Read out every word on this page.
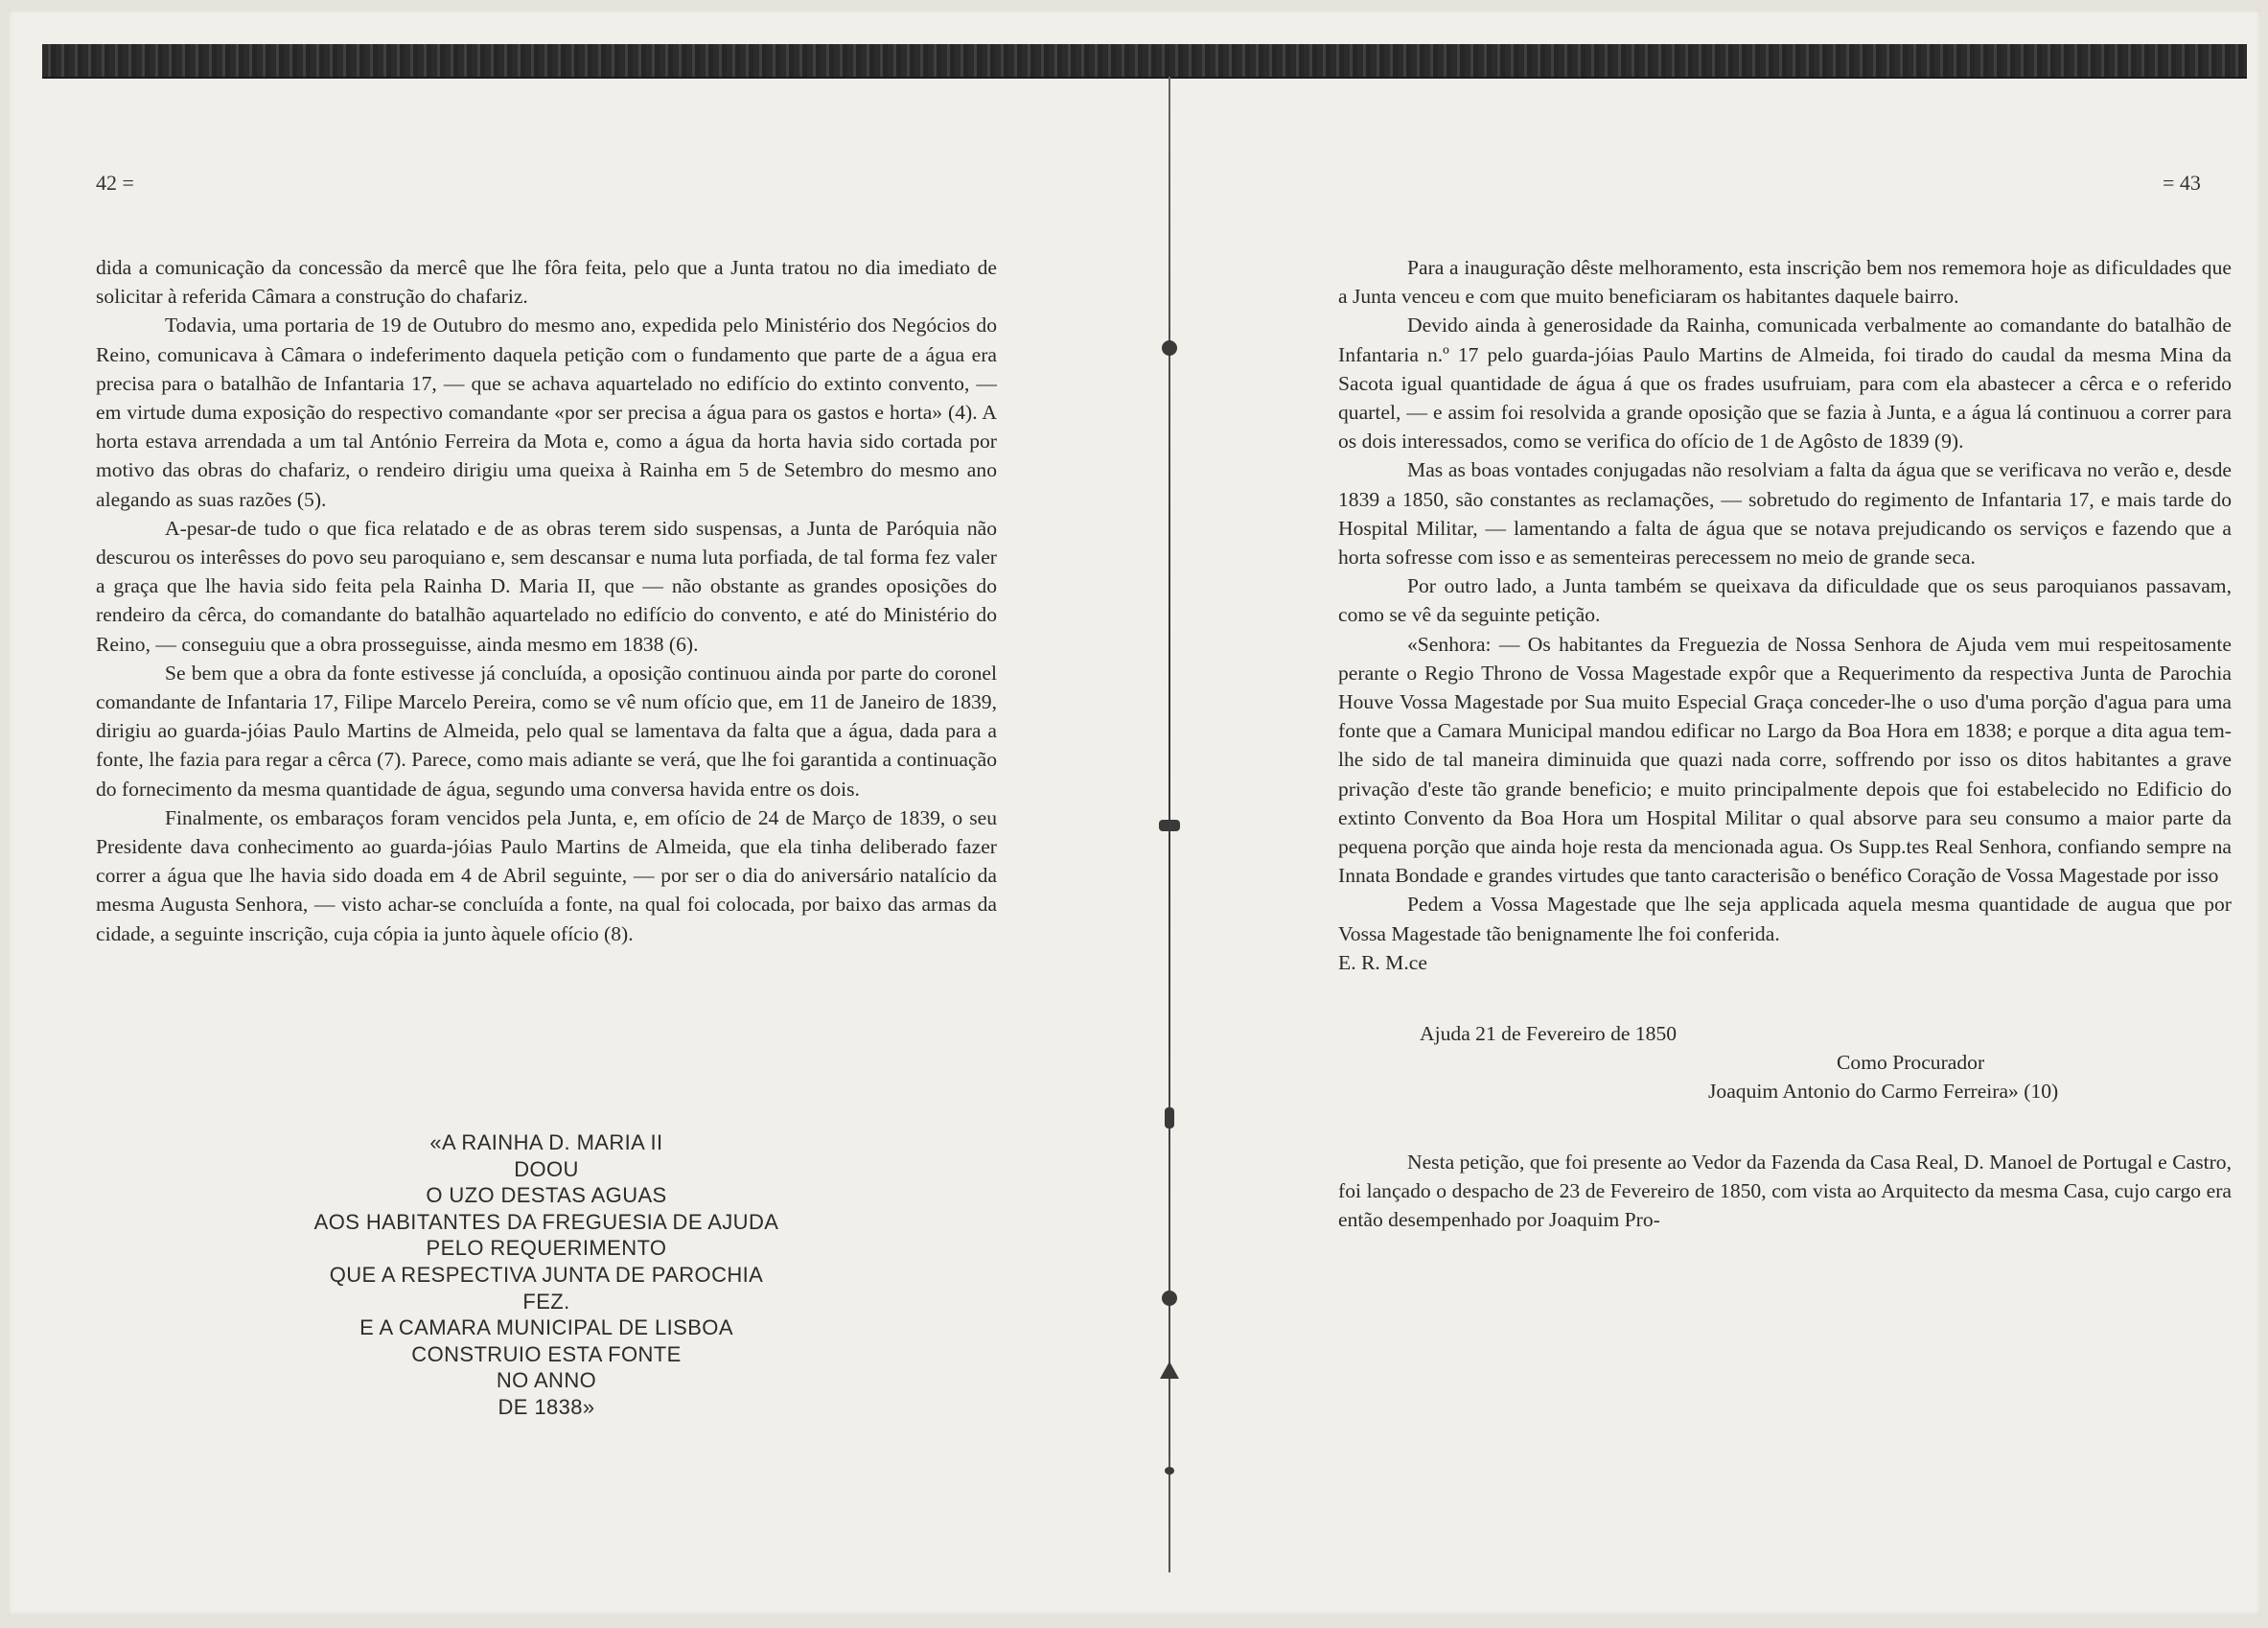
42 =	= 43

dida a comunicação da concessão da mercê que lhe fôra feita, pelo que a Junta tratou no dia imediato de solicitar à referida Câmara a construção do chafariz.

Todavia, uma portaria de 19 de Outubro do mesmo ano, expedida pelo Ministério dos Negócios do Reino, comunicava à Câmara o indeferimento daquela petição com o fundamento que parte de a água era precisa para o batalhão de Infantaria 17, — que se achava aquartelado no edifício do extinto convento, — em virtude duma exposição do respectivo comandante «por ser precisa a água para os gastos e horta» (4). A horta estava arrendada a um tal António Ferreira da Mota e, como a água da horta havia sido cortada por motivo das obras do chafariz, o rendeiro dirigiu uma queixa à Rainha em 5 de Setembro do mesmo ano alegando as suas razões (5).

A-pesar-de tudo o que fica relatado e de as obras terem sido suspensas, a Junta de Paróquia não descurou os interêsses do povo seu paroquiano e, sem descansar e numa luta porfiada, de tal forma fez valer a graça que lhe havia sido feita pela Rainha D. Maria II, que — não obstante as grandes oposições do rendeiro da cêrca, do comandante do batalhão aquartelado no edifício do convento, e até do Ministério do Reino, — conseguiu que a obra prosseguisse, ainda mesmo em 1838 (6).

Se bem que a obra da fonte estivesse já concluída, a oposição continuou ainda por parte do coronel comandante de Infantaria 17, Filipe Marcelo Pereira, como se vê num ofício que, em 11 de Janeiro de 1839, dirigiu ao guarda-jóias Paulo Martins de Almeida, pelo qual se lamentava da falta que a água, dada para a fonte, lhe fazia para regar a cêrca (7). Parece, como mais adiante se verá, que lhe foi garantida a continuação do fornecimento da mesma quantidade de água, segundo uma conversa havida entre os dois.

Finalmente, os embaraços foram vencidos pela Junta, e, em ofício de 24 de Março de 1839, o seu Presidente dava conhecimento ao guarda-jóias Paulo Martins de Almeida, que ela tinha deliberado fazer correr a água que lhe havia sido doada em 4 de Abril seguinte, — por ser o dia do aniversário natalício da mesma Augusta Senhora, — visto achar-se concluída a fonte, na qual foi colocada, por baixo das armas da cidade, a seguinte inscrição, cuja cópia ia junto àquele ofício (8).

«A RAINHA D. MARIA II
DOOU
O UZO DESTAS AGUAS
AOS HABITANTES DA FREGUESIA DE AJUDA
PELO REQUERIMENTO
QUE A RESPECTIVA JUNTA DE PAROCHIA
FEZ.
E A CAMARA MUNICIPAL DE LISBOA
CONSTRUIO ESTA FONTE
NO ANNO
DE 1838»

Para a inauguração dêste melhoramento, esta inscrição bem nos rememora hoje as dificuldades que a Junta venceu e com que muito beneficiaram os habitantes daquele bairro.

Devido ainda à generosidade da Rainha, comunicada verbalmente ao comandante do batalhão de Infantaria n.º 17 pelo guarda-jóias Paulo Martins de Almeida, foi tirado do caudal da mesma Mina da Sacota igual quantidade de água á que os frades usufruiam, para com ela abastecer a cêrca e o referido quartel, — e assim foi resolvida a grande oposição que se fazia à Junta, e a água lá continuou a correr para os dois interessados, como se verifica do ofício de 1 de Agôsto de 1839 (9).

Mas as boas vontades conjugadas não resolviam a falta da água que se verificava no verão e, desde 1839 a 1850, são constantes as reclamações, — sobretudo do regimento de Infantaria 17, e mais tarde do Hospital Militar, — lamentando a falta de água que se notava prejudicando os serviços e fazendo que a horta sofresse com isso e as sementeiras perecessem no meio de grande seca.

Por outro lado, a Junta também se queixava da dificuldade que os seus paroquianos passavam, como se vê da seguinte petição.

«Senhora: — Os habitantes da Freguezia de Nossa Senhora de Ajuda vem mui respeitosamente perante o Regio Throno de Vossa Magestade expôr que a Requerimento da respectiva Junta de Parochia Houve Vossa Magestade por Sua muito Especial Graça conceder-lhe o uso d'uma porção d'agua para uma fonte que a Camara Municipal mandou edificar no Largo da Boa Hora em 1838; e porque a dita agua tem-lhe sido de tal maneira diminuida que quazi nada corre, soffrendo por isso os ditos habitantes a grave privação d'este tão grande beneficio; e muito principalmente depois que foi estabelecido no Edificio do extinto Convento da Boa Hora um Hospital Militar o qual absorve para seu consumo a maior parte da pequena porção que ainda hoje resta da mencionada agua. Os Supp.tes Real Senhora, confiando sempre na Innata Bondade e grandes virtudes que tanto caracterisão o benéfico Coração de Vossa Magestade por isso

Pedem a Vossa Magestade que lhe seja applicada aquela mesma quantidade de augua que por Vossa Magestade tão benignamente lhe foi conferida.

E. R. M.ce

Ajuda 21 de Fevereiro de 1850
Como Procurador
Joaquim Antonio do Carmo Ferreira» (10)

Nesta petição, que foi presente ao Vedor da Fazenda da Casa Real, D. Manoel de Portugal e Castro, foi lançado o despacho de 23 de Fevereiro de 1850, com vista ao Arquitecto da mesma Casa, cujo cargo era então desempenhado por Joaquim Pro-
